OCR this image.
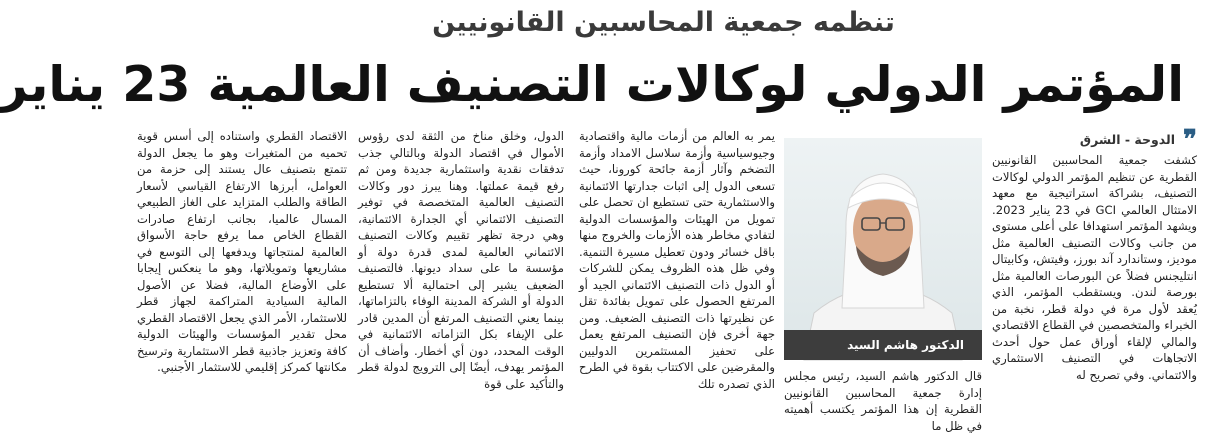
تنظمه جمعية المحاسبين القانونيين
المؤتمر الدولي لوكالات التصنيف العالمية 23 يناير
❞
الدوحة - الشرق

كشفت جمعية المحاسبين القانونيين القطرية عن تنظيم المؤتمر الدولي لوكالات التصنيف، بشراكة استراتيجية مع معهد الامتثال العالمي GCI في 23 يناير 2023. ويشهد المؤتمر استهدافا على أعلى مستوى من جانب وكالات التصنيف العالمية مثل موديز، وستاندارد آند بورز، وفيتش، وكابيتال انتليجنس فضلاً عن البورصات العالمية مثل بورصة لندن. ويستقطب المؤتمر، الذي يُعقد لأول مرة في دولة قطر، نخبة من الخبراء والمتخصصين في القطاع الاقتصادي والمالي لإلقاء أوراق عمل حول أحدث الاتجاهات في التصنيف الاستثماري والائتماني. وفي تصريح له

الدكتور هاشم السيد

قال الدكتور هاشم السيد، رئيس مجلس إدارة جمعية المحاسبين القانونيين القطرية إن هذا المؤتمر يكتسب أهميته في ظل ما

يمر به العالم من أزمات مالية واقتصادية وجيوسياسية وأزمة سلاسل الامداد وأزمة التضخم وآثار أزمة جائحة كورونا، حيث تسعى الدول إلى اثبات جدارتها الائتمانية والاستثمارية حتى تستطيع ان تحصل على تمويل من الهيئات والمؤسسات الدولية لتفادي مخاطر هذه الأزمات والخروج منها باقل خسائر ودون تعطيل مسيرة التنمية. وفي ظل هذه الظروف يمكن للشركات أو الدول ذات التصنيف الائتماني الجيد أو المرتفع الحصول على تمويل بفائدة تقل عن نظيرتها ذات التصنيف الضعيف. ومن جهة أخرى فإن التصنيف المرتفع يعمل على تحفيز المستثمرين الدوليين والمقرضين على الاكتتاب بقوة في الطرح الذي تصدره تلك

الدول، وخلق مناخ من الثقة لدى رؤوس الأموال في اقتصاد الدولة وبالتالي جذب تدفقات نقدية واستثمارية جديدة ومن ثم رفع قيمة عملتها. وهنا يبرز دور وكالات التصنيف العالمية المتخصصة في توفير التصنيف الائتماني أي الجدارة الائتمانية، وهي درجة تظهر تقييم وكالات التصنيف الائتماني العالمية لمدى قدرة دولة أو مؤسسة ما على سداد ديونها. فالتصنيف الضعيف يشير إلى احتمالية ألا تستطيع الدولة أو الشركة المدينة الوفاء بالتزاماتها، بينما يعني التصنيف المرتفع أن المدين قادر على الإيفاء بكل التزاماته الائتمانية في الوقت المحدد، دون أي أخطار. وأضاف أن المؤتمر يهدف، أيضًا إلى الترويج لدولة قطر والتأكيد على قوة

الاقتصاد القطري واستناده إلى أسس قوية تحميه من المتغيرات وهو ما يجعل الدولة تتمتع بتصنيف عال يستند إلى حزمة من العوامل، أبرزها الارتفاع القياسي لأسعار الطاقة والطلب المتزايد على الغاز الطبيعي المسال عالميا، بجانب ارتفاع صادرات القطاع الخاص مما يرفع حاجة الأسواق العالمية لمنتجاتها ويدفعها إلى التوسع في مشاريعها وتمويلاتها، وهو ما ينعكس إيجابا على الأوضاع المالية، فضلا عن الأصول المالية السيادية المتراكمة لجهاز قطر للاستثمار، الأمر الذي يجعل الاقتصاد القطري محل تقدير المؤسسات والهيئات الدولية كافة وتعزيز جاذبية قطر الاستثمارية وترسيخ مكانتها كمركز إقليمي للاستثمار الأجنبي.
